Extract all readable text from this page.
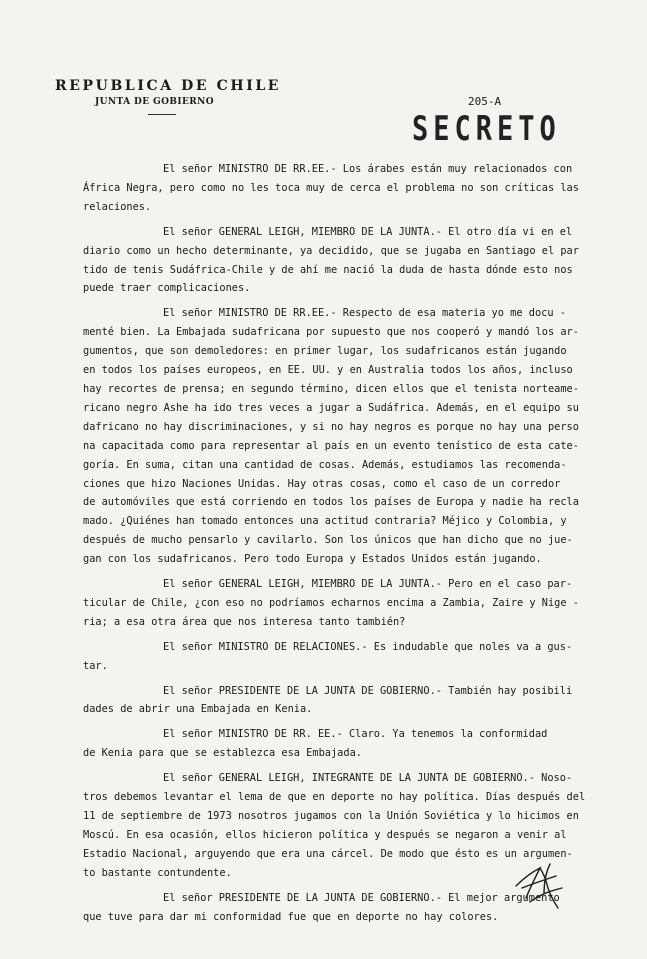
REPUBLICA DE CHILE
JUNTA DE GOBIERNO	205-A
SECRETO
El señor MINISTRO DE RR.EE.- Los árabes están muy relacionados con
África Negra, pero como no les toca muy de cerca el problema no son críticas las
relaciones.
El señor GENERAL LEIGH, MIEMBRO DE LA JUNTA.- El otro día vi en el
diario como un hecho determinante, ya decidido, que se jugaba en Santiago el par
tido de tenis Sudáfrica-Chile y de ahí me nació la duda de hasta dónde esto nos
puede traer complicaciones.
El señor MINISTRO DE RR.EE.- Respecto de esa materia yo me docu -
menté bien. La Embajada sudafricana por supuesto que nos cooperó y mandó los ar-
gumentos, que son demoledores: en primer lugar, los sudafricanos están jugando
en todos los países europeos, en EE. UU. y en Australia todos los años, incluso
hay recortes de prensa; en segundo término, dicen ellos que el tenista norteame-
ricano negro Ashe ha ido tres veces a jugar a Sudáfrica. Además, en el equipo su
dafricano no hay discriminaciones, y si no hay negros es porque no hay una perso
na capacitada como para representar al país en un evento tenístico de esta cate-
goría. En suma, citan una cantidad de cosas. Además, estudiamos las recomenda-
ciones que hizo Naciones Unidas. Hay otras cosas, como el caso de un corredor
de automóviles que está corriendo en todos los países de Europa y nadie ha recla
mado. ¿Quiénes han tomado entonces una actitud contraria? Méjico y Colombia, y
después de mucho pensarlo y cavilarlo. Son los únicos que han dicho que no jue-
gan con los sudafricanos. Pero todo Europa y Estados Unidos están jugando.
El señor GENERAL LEIGH, MIEMBRO DE LA JUNTA.- Pero en el caso par-
ticular de Chile, ¿con eso no podríamos echarnos encima a Zambia, Zaire y Nige -
ria; a esa otra área que nos interesa tanto también?
El señor MINISTRO DE RELACIONES.- Es indudable que noles va a gus-
tar.
El señor PRESIDENTE DE LA JUNTA DE GOBIERNO.- También hay posibili
dades de abrir una Embajada en Kenia.
El señor MINISTRO DE RR. EE.- Claro. Ya tenemos la conformidad
de Kenia para que se establezca esa Embajada.
El señor GENERAL LEIGH, INTEGRANTE DE LA JUNTA DE GOBIERNO.- Noso-
tros debemos levantar el lema de que en deporte no hay política. Días después del
11 de septiembre de 1973 nosotros jugamos con la Unión Soviética y lo hicimos en
Moscú. En esa ocasión, ellos hicieron política y después se negaron a venir al
Estadio Nacional, arguyendo que era una cárcel. De modo que ésto es un argumen-
to bastante contundente.
El señor PRESIDENTE DE LA JUNTA DE GOBIERNO.- El mejor argumento
que tuve para dar mi conformidad fue que en deporte no hay colores.
